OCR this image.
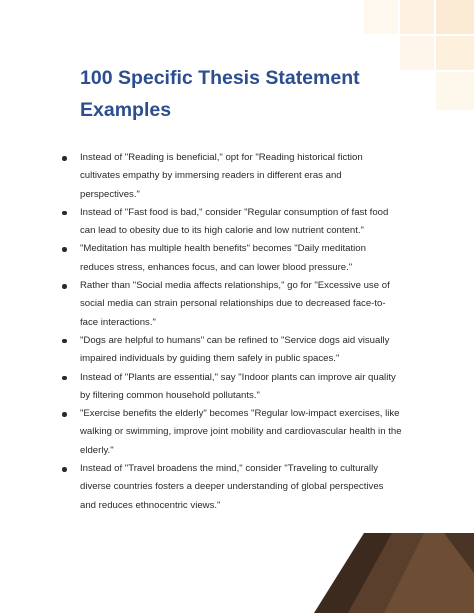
100 Specific Thesis Statement
Examples
Instead of "Reading is beneficial," opt for "Reading historical fiction cultivates empathy by immersing readers in different eras and perspectives."
Instead of "Fast food is bad," consider "Regular consumption of fast food can lead to obesity due to its high calorie and low nutrient content."
"Meditation has multiple health benefits" becomes "Daily meditation reduces stress, enhances focus, and can lower blood pressure."
Rather than "Social media affects relationships," go for "Excessive use of social media can strain personal relationships due to decreased face-to-face interactions."
"Dogs are helpful to humans" can be refined to "Service dogs aid visually impaired individuals by guiding them safely in public spaces."
Instead of "Plants are essential," say "Indoor plants can improve air quality by filtering common household pollutants."
"Exercise benefits the elderly" becomes "Regular low-impact exercises, like walking or swimming, improve joint mobility and cardiovascular health in the elderly."
Instead of "Travel broadens the mind," consider "Traveling to culturally diverse countries fosters a deeper understanding of global perspectives and reduces ethnocentric views."
